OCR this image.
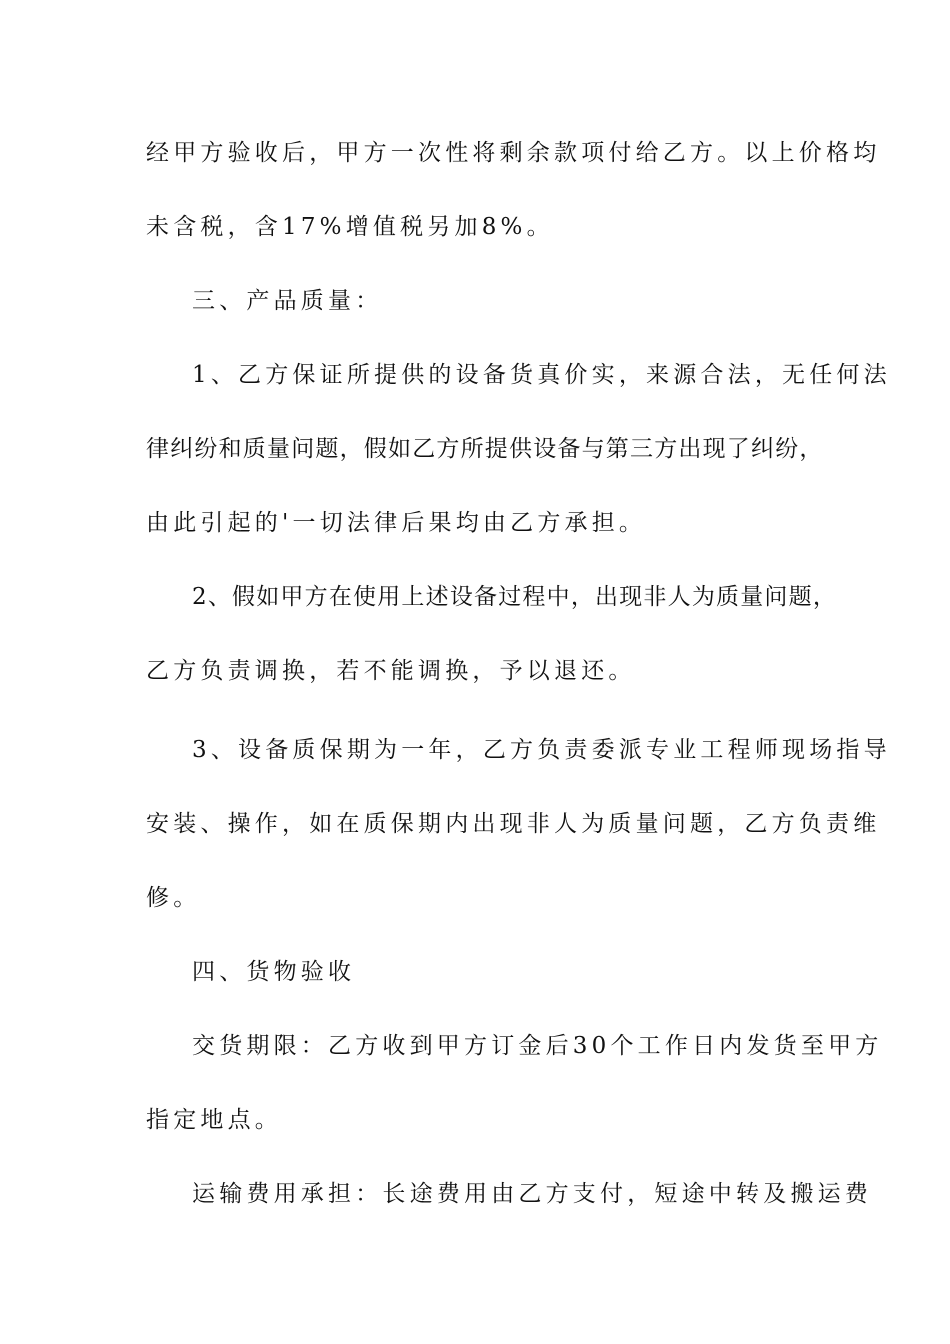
经甲方验收后，甲方一次性将剩余款项付给乙方。以上价格均
未含税，含17%增值税另加8%。
三、产品质量：
1、乙方保证所提供的设备货真价实，来源合法，无任何法
律纠纷和质量问题，假如乙方所提供设备与第三方出现了纠纷，
由此引起的'一切法律后果均由乙方承担。
2、假如甲方在使用上述设备过程中，出现非人为质量问题，
乙方负责调换，若不能调换，予以退还。
3、设备质保期为一年，乙方负责委派专业工程师现场指导
安装、操作，如在质保期内出现非人为质量问题，乙方负责维
修。
四、货物验收
交货期限：乙方收到甲方订金后30个工作日内发货至甲方
指定地点。
运输费用承担：长途费用由乙方支付，短途中转及搬运费
